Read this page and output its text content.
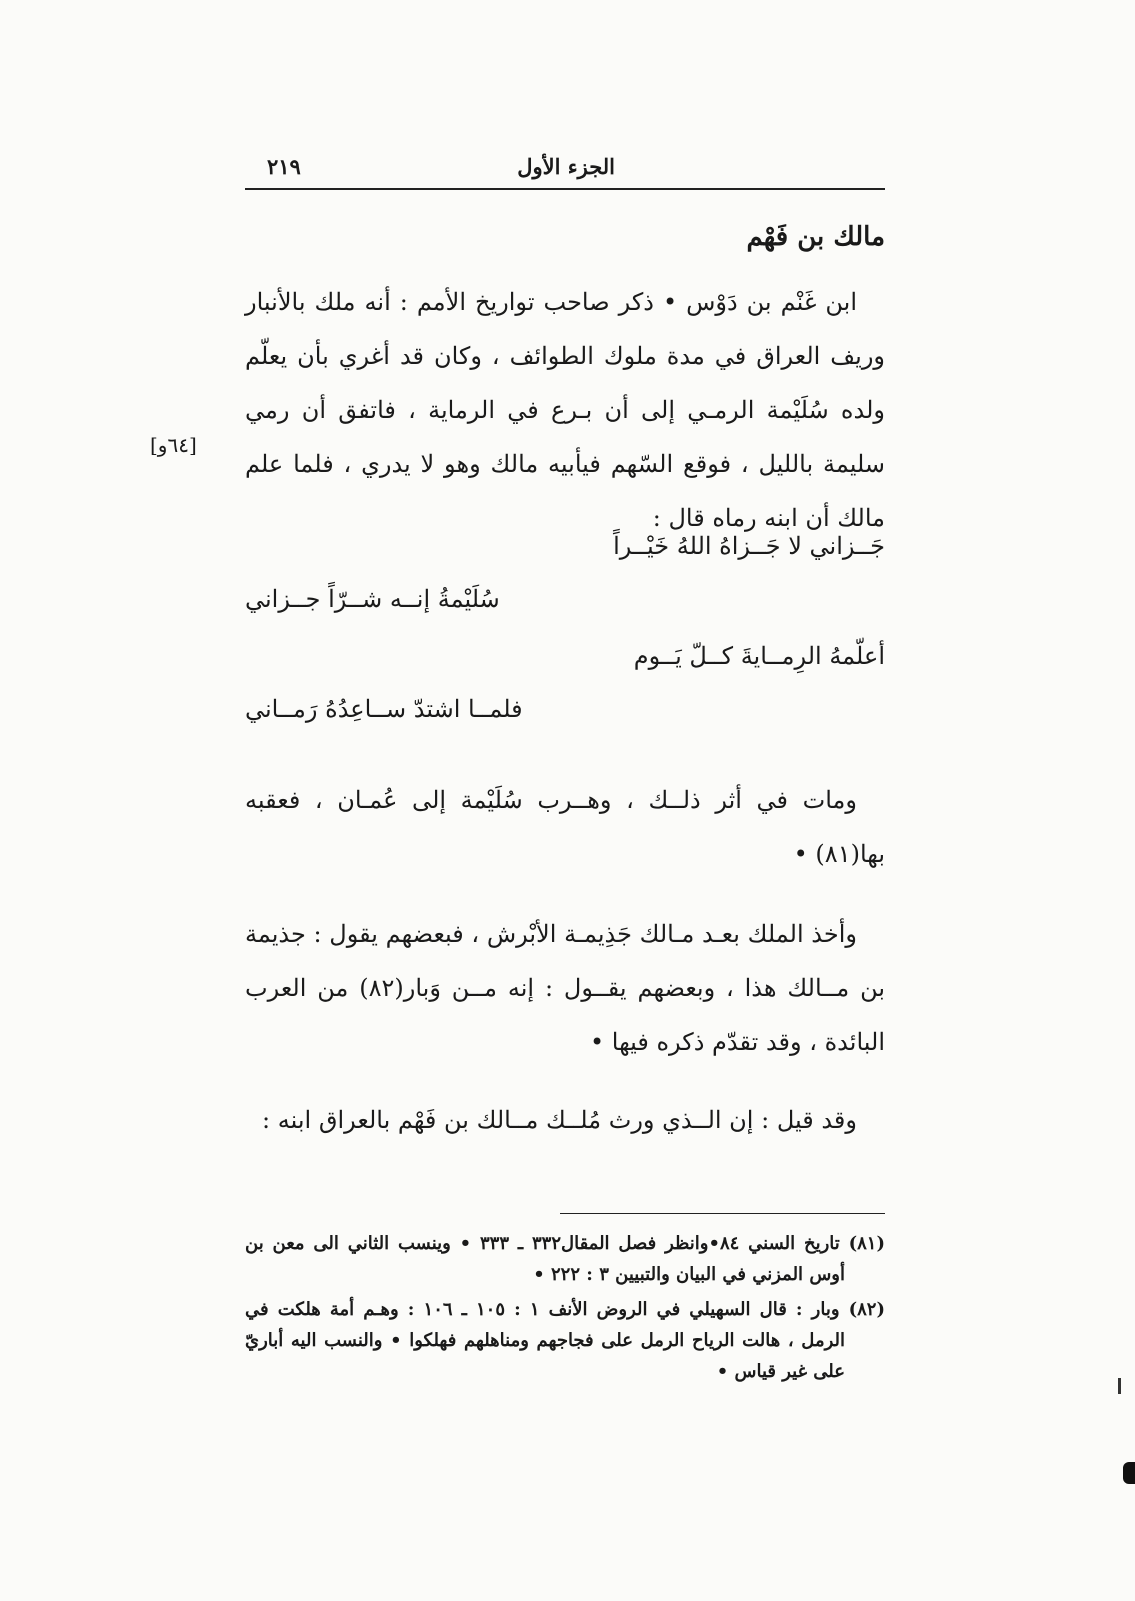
الجزء الأول
٢١٩
مالك بن فَهْم

ابن غَنْم بن دَوْس • ذكر صاحب تواريخ الأمم : أنه ملك بالأنبار وريف العراق في مدة ملوك الطوائف ، وكان قد أغري بأن يعلّم ولده سُلَيْمة الرمـي إلى أن بـرع في الرماية ، فاتفق أن رمي سليمة بالليل ، فوقع السّهم فيأبيه مالك وهو لا يدري ، فلما علم مالك أن ابنه رماه قال :

[٦٤و]
جَــزاني لا جَــزاهُ اللهُ خَيْــراً
سُلَيْمةُ إنــه شــرّاً جــزاني
أعلّمهُ الرِمــايةَ كــلّ يَــوم
فلمــا اشتدّ ســاعِدُهُ رَمــاني

ومات في أثر ذلــك ، وهــرب سُلَيْمة إلى عُمـان ، فعقبه بها(٨١) •

وأخذ الملك بعـد مـالك جَذِيمـة الأبْرش ، فبعضهم يقول : جذيمة بن مــالك هذا ، وبعضهم يقــول : إنه مــن وَبار(٨٢) من العرب البائدة ، وقد تقدّم ذكره فيها •

وقد قيل : إن الــذي ورث مُلــك مــالك بن فَهْم بالعراق ابنه :

(٨١) تاريخ السني ٨٤•وانظر فصل المقال٣٣٢ ـ ٣٣٣ • وينسب الثاني الى معن بن أوس المزني في البيان والتبيين ٣ : ٢٢٢ •

(٨٢) وبار : قال السهيلي في الروض الأنف ١ : ١٠٥ ـ ١٠٦ : وهـم أمة هلكت في الرمل ، هالت الرياح الرمل على فجاجهم ومناهلهم فهلكوا • والنسب اليه أباريّ على غير قياس •
